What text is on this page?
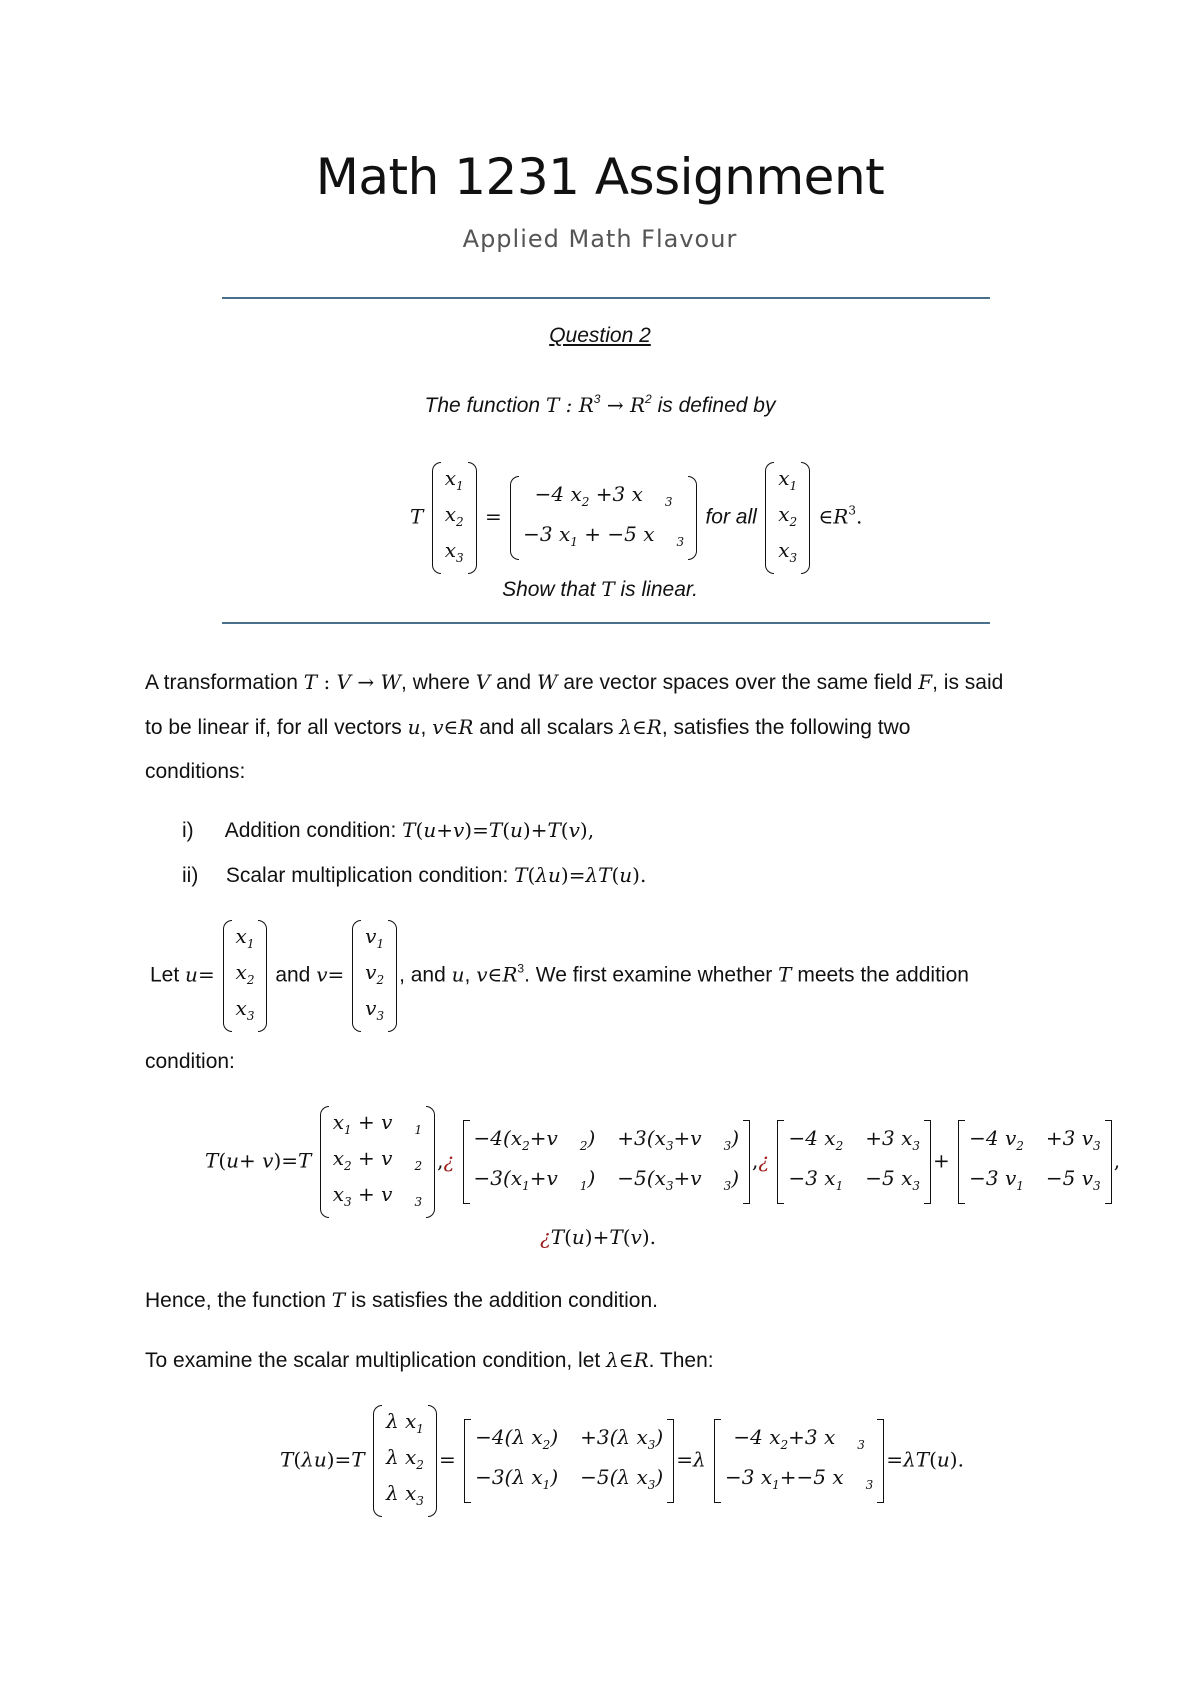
Math 1231 Assignment
Applied Math Flavour
Question 2
The function T : $R^3 \to R^2$ is defined by
T
$x_1$
$x_2$
$x_3$
=
−4 $x_2 +3$ x $_3$
−3 $x_1 + -5$ x $_3$
for all
$x_1$
$x_2$
$x_3$
$\in R^3$.
Show that T is linear.
A transformation T : V → W, where V and W are vector spaces over the same field F, is said
to be linear if, for all vectors u, v∈R and all scalars λ∈R, satisfies the following two
conditions:
i) Addition condition: T(u+v)=T(u)+T(v),
ii) Scalar multiplication condition: T(λu)=λT(u).
Let u=
$x_1$
$x_2$
$x_3$
and v=
$v_1$
$v_2$
$v_3$
, and u, $v\in R^3$. We first examine whether T meets the addition
condition:
T(u+ v)=T
$x_1 + v$ $_1$
$x_2 + v$ $_2$
$x_3 + v$ $_3$
,¿
$-4(x_2+v$ $_2) +3(x_3+v$ $_3$)
$-3(x_1+v$ $_1) -5(x_3+v$ $_3$)
,¿
−4 $x_2 +3$ $x_3$
−3 $x_1 -5$ $x_3$
+
−4 $v_2 +3$ $v_3$
−3 $v_1 -5$ $v_3$
,
¿T(u)+T(v).
Hence, the function T is satisfies the addition condition.
To examine the scalar multiplication condition, let λ∈R. Then:
T(λu)=T
λ $x_1$
λ $x_2$
λ $x_3$
=
−4(λ $x_2) +3(\lambda$ $x_3$)
−3(λ $x_1) -5(\lambda$ $x_3$)
=λ
−4 $x_2+3$ x $_3$
−3 $x_1+-5$ x $_3$
=λT(u).
